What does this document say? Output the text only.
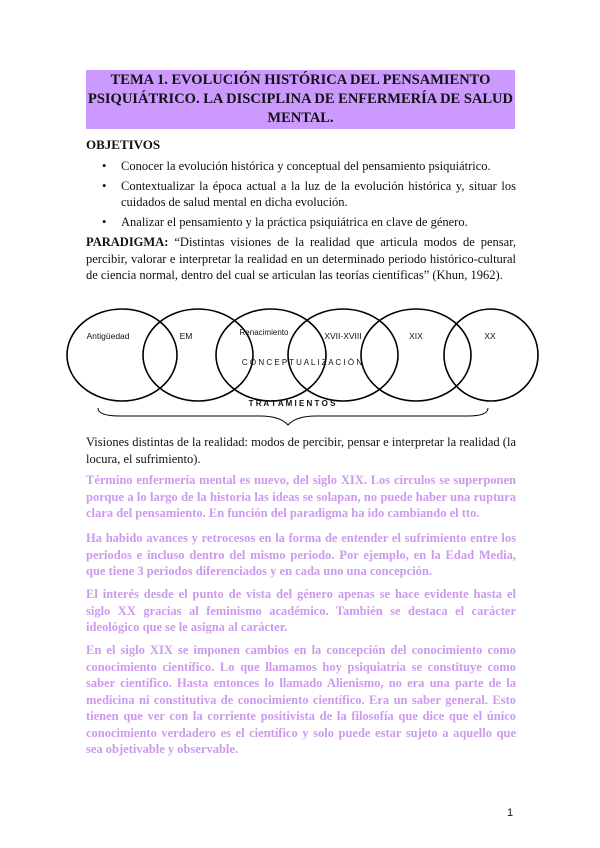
TEMA 1. EVOLUCIÓN HISTÓRICA DEL PENSAMIENTO
PSIQUIÁTRICO. LA DISCIPLINA DE ENFERMERÍA DE SALUD
MENTAL.
OBJETIVOS
• Conocer la evolución histórica y conceptual del pensamiento psiquiátrico.
• Contextualizar la época actual a la luz de la evolución histórica y, situar los cuidados de salud mental en dicha evolución.
• Analizar el pensamiento y la práctica psiquiátrica en clave de género.
PARADIGMA: “Distintas visiones de la realidad que articula modos de pensar, percibir, valorar e interpretar la realidad en un determinado periodo histórico-cultural de ciencia normal, dentro del cual se articulan las teorías científicas” (Khun, 1962).
Antigüedad	EM	Renacimiento	XVII-XVIII	XIX	XX
C O N C E P T U A L I Z A C I Ó N
T R A T A M I E N T O S
Visiones distintas de la realidad: modos de percibir, pensar e interpretar la realidad (la locura, el sufrimiento).
Término enfermería mental es nuevo, del siglo XIX. Los círculos se superponen porque a lo largo de la historia las ideas se solapan, no puede haber una ruptura clara del pensamiento. En función del paradigma ha ido cambiando el tto.
Ha habido avances y retrocesos en la forma de entender el sufrimiento entre los periodos e incluso dentro del mismo periodo. Por ejemplo, en la Edad Media, que tiene 3 periodos diferenciados y en cada uno una concepción.
El interés desde el punto de vista del género apenas se hace evidente hasta el siglo XX gracias al feminismo académico. También se destaca el carácter ideológico que se le asigna al carácter.
En el siglo XIX se imponen cambios en la concepción del conocimiento como conocimiento científico. Lo que llamamos hoy psiquiatría se constituye como saber científico. Hasta entonces lo llamado Alienismo, no era una parte de la medicina ni constitutiva de conocimiento científico. Era un saber general. Esto tienen que ver con la corriente positivista de la filosofía que dice que el único conocimiento verdadero es el científico y solo puede estar sujeto a aquello que sea objetivable y observable.
1
